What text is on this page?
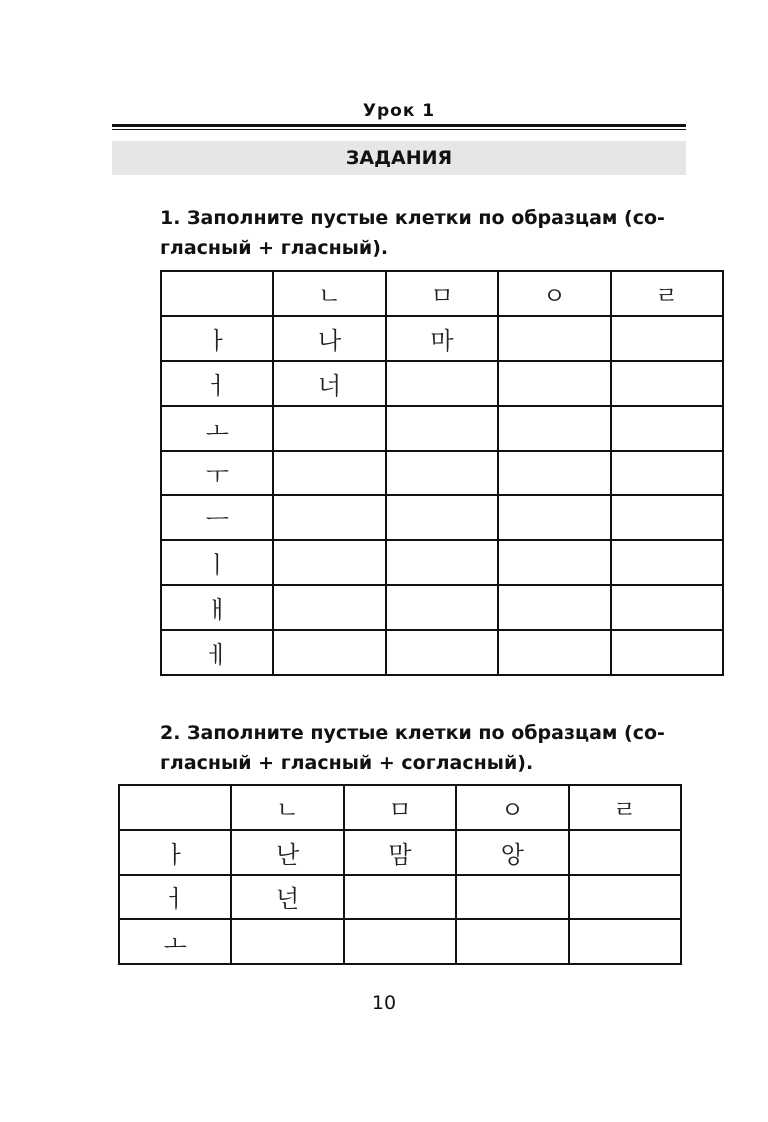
Урок 1
ЗАДАНИЯ
1. Заполните пустые клетки по образцам (со-
гласный + гласный).
	ㄴ	ㅁ	ㅇ	ㄹ
ㅏ	나	마		
ㅓ	너			
ㅗ				
ㅜ				
ㅡ				
ㅣ				
ㅐ				
ㅔ				
2. Заполните пустые клетки по образцам (со-
гласный + гласный + согласный).
	ㄴ	ㅁ	ㅇ	ㄹ
ㅏ	난	맘	앙	
ㅓ	넌			
ㅗ				
10
